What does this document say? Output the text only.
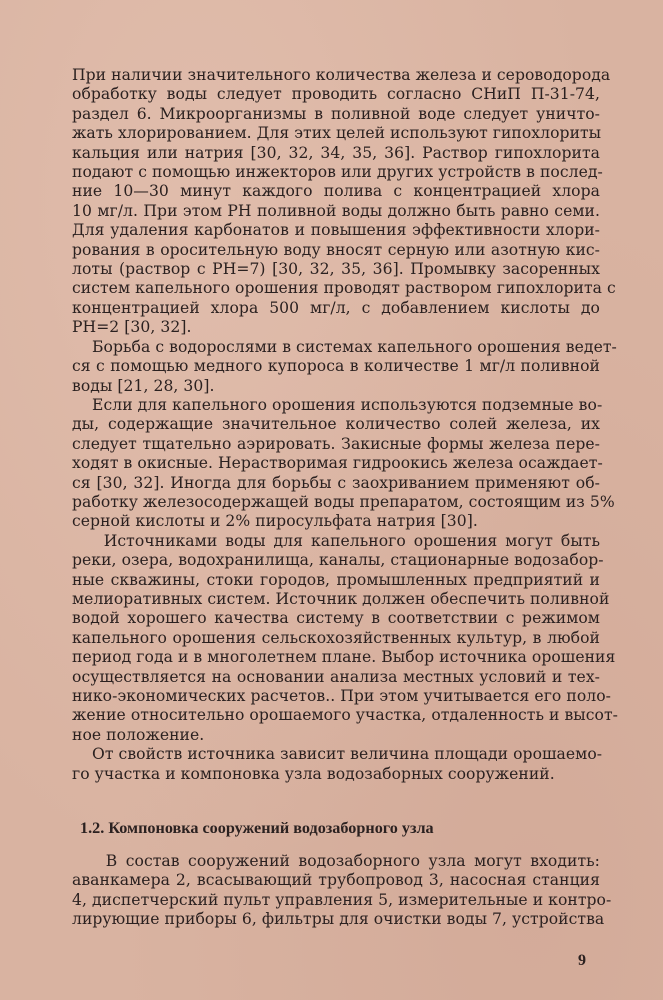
При наличии значительного количества железа и сероводорода
обработку воды следует проводить согласно СНиП П-31-74,
раздел 6. Микроорганизмы в поливной воде следует уничто-
жать хлорированием. Для этих целей используют гипохлориты
кальция или натрия [30, 32, 34, 35, 36]. Раствор гипохлорита
подают с помощью инжекторов или других устройств в послед-
ние 10—30 минут каждого полива с концентрацией хлора
10 мг/л. При этом РН поливной воды должно быть равно семи.
Для удаления карбонатов и повышения эффективности хлори-
рования в оросительную воду вносят серную или азотную кис-
лоты (раствор с РН=7) [30, 32, 35, 36]. Промывку засоренных
систем капельного орошения проводят раствором гипохлорита с
концентрацией хлора 500 мг/л, с добавлением кислоты до
РН=2 [30, 32].
Борьба с водорослями в системах капельного орошения ведет-
ся с помощью медного купороса в количестве 1 мг/л поливной
воды [21, 28, 30].
Если для капельного орошения используются подземные во-
ды, содержащие значительное количество солей железа, их
следует тщательно аэрировать. Закисные формы железа пере-
ходят в окисные. Нерастворимая гидроокись железа осаждает-
ся [30, 32]. Иногда для борьбы с заохриванием применяют об-
работку железосодержащей воды препаратом, состоящим из 5%
серной кислоты и 2% пиросульфата натрия [30].
Источниками воды для капельного орошения могут быть
реки, озера, водохранилища, каналы, стационарные водозабор-
ные скважины, стоки городов, промышленных предприятий и
мелиоративных систем. Источник должен обеспечить поливной
водой хорошего качества систему в соответствии с режимом
капельного орошения сельскохозяйственных культур, в любой
период года и в многолетнем плане. Выбор источника орошения
осуществляется на основании анализа местных условий и тех-
нико-экономических расчетов.. При этом учитывается его поло-
жение относительно орошаемого участка, отдаленность и высот-
ное положение.
От свойств источника зависит величина площади орошаемо-
го участка и компоновка узла водозаборных сооружений.
1.2. Компоновка сооружений водозаборного узла
В состав сооружений водозаборного узла могут входить:
аванкамера 2, всасывающий трубопровод 3, насосная станция
4, диспетчерский пульт управления 5, измерительные и контро-
лирующие приборы 6, фильтры для очистки воды 7, устройства
9
